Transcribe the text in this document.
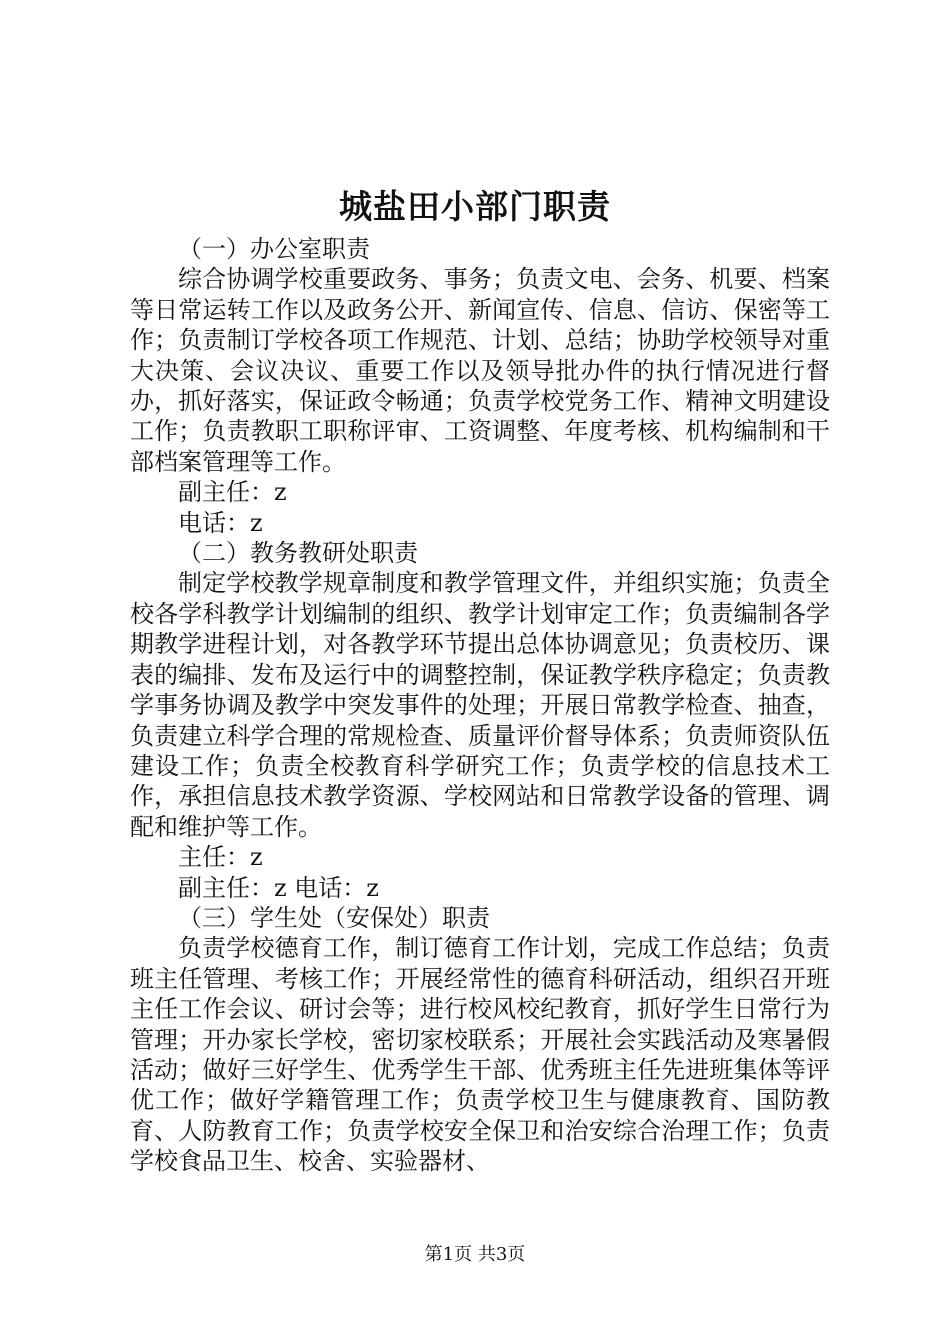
城盐田小部门职责

（一）办公室职责

综合协调学校重要政务、事务；负责文电、会务、机要、档案等日常运转工作以及政务公开、新闻宣传、信息、信访、保密等工作；负责制订学校各项工作规范、计划、总结；协助学校领导对重大决策、会议决议、重要工作以及领导批办件的执行情况进行督办，抓好落实，保证政令畅通；负责学校党务工作、精神文明建设工作；负责教职工职称评审、工资调整、年度考核、机构编制和干部档案管理等工作。

副主任：z

电话：z

（二）教务教研处职责

制定学校教学规章制度和教学管理文件，并组织实施；负责全校各学科教学计划编制的组织、教学计划审定工作；负责编制各学期教学进程计划，对各教学环节提出总体协调意见；负责校历、课表的编排、发布及运行中的调整控制，保证教学秩序稳定；负责教学事务协调及教学中突发事件的处理；开展日常教学检查、抽查，负责建立科学合理的常规检查、质量评价督导体系；负责师资队伍建设工作；负责全校教育科学研究工作；负责学校的信息技术工作，承担信息技术教学资源、学校网站和日常教学设备的管理、调配和维护等工作。

主任：z

副主任：z 电话：z

（三）学生处（安保处）职责

负责学校德育工作，制订德育工作计划，完成工作总结；负责班主任管理、考核工作；开展经常性的德育科研活动，组织召开班主任工作会议、研讨会等；进行校风校纪教育，抓好学生日常行为管理；开办家长学校，密切家校联系；开展社会实践活动及寒暑假活动；做好三好学生、优秀学生干部、优秀班主任先进班集体等评优工作；做好学籍管理工作；负责学校卫生与健康教育、国防教育、人防教育工作；负责学校安全保卫和治安综合治理工作；负责学校食品卫生、校舍、实验器材、

第1页 共3页
